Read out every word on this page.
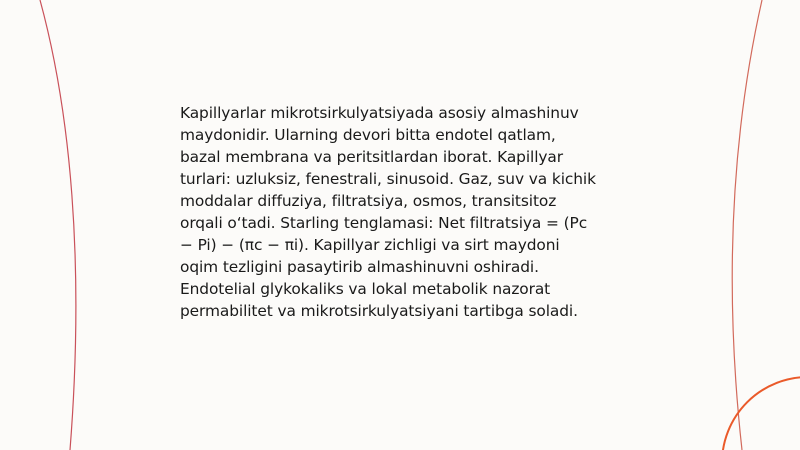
Kapillyarlar mikrotsirkulyatsiyada asosiy almashinuv
maydonidir. Ularning devori bitta endotel qatlam,
bazal membrana va peritsitlardan iborat. Kapillyar
turlari: uzluksiz, fenestrali, sinusoid. Gaz, suv va kichik
moddalar diffuziya, filtratsiya, osmos, transitsitoz
orqali o‘tadi. Starling tenglamasi: Net filtratsiya = (Pc
− Pi) − (πc − πi). Kapillyar zichligi va sirt maydoni
oqim tezligini pasaytirib almashinuvni oshiradi.
Endotelial glykokaliks va lokal metabolik nazorat
permabilitet va mikrotsirkulyatsiyani tartibga soladi.
